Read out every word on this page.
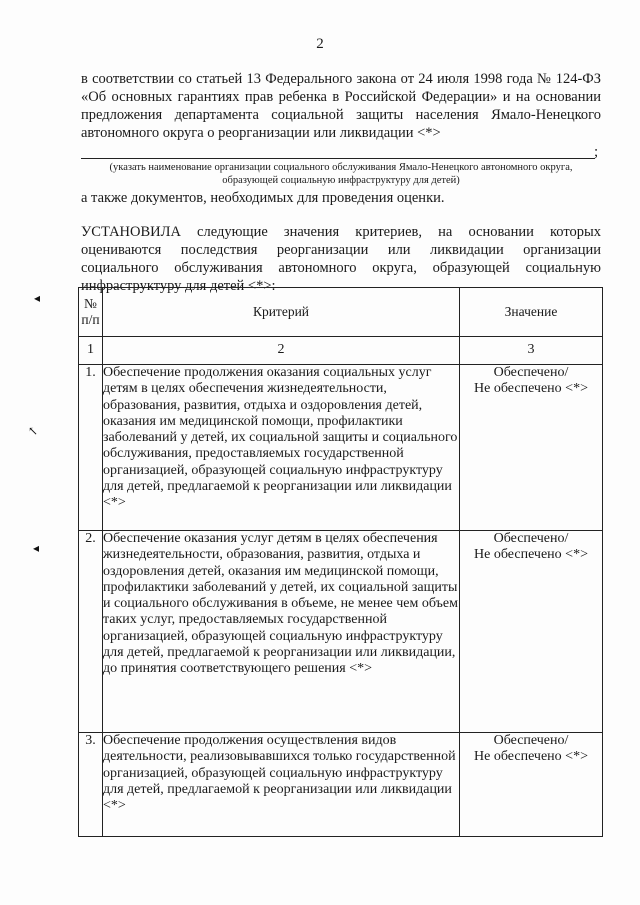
2

в соответствии со статьей 13 Федерального закона от 24 июля 1998 года № 124-ФЗ «Об основных гарантиях прав ребенка в Российской Федерации» и на основании предложения департамента социальной защиты населения Ямало-Ненецкого автономного округа о реорганизации или ликвидации <*>

;
(указать наименование организации социального обслуживания Ямало-Ненецкого автономного округа, образующей социальную инфраструктуру для детей)
а также документов, необходимых для проведения оценки.

УСТАНОВИЛА следующие значения критериев, на основании которых оцениваются последствия реорганизации или ликвидации организации социального обслуживания автономного округа, образующей социальную инфраструктуру для детей <*>:

◂
↖
◂
№ п/п	Критерий	Значение
1	2	3
1.	Обеспечение продолжения оказания социальных услуг детям в целях обеспечения жизнедеятельности, образования, развития, отдыха и оздоровления детей, оказания им медицинской помощи, профилактики заболеваний у детей, их социальной защиты и социального обслуживания, предоставляемых государственной организацией, образующей социальную инфраструктуру для детей, предлагаемой к реорганизации или ликвидации <*>	Обеспечено/
Не обеспечено <*>

2.	Обеспечение оказания услуг детям в целях обеспечения жизнедеятельности, образования, развития, отдыха и оздоровления детей, оказания им медицинской помощи, профилактики заболеваний у детей, их социальной защиты и социального обслуживания в объеме, не менее чем объем таких услуг, предоставляемых государственной организацией, образующей социальную инфраструктуру для детей, предлагаемой к реорганизации или ликвидации, до принятия соответствующего решения <*>	Обеспечено/
Не обеспечено <*>

3.	Обеспечение продолжения осуществления видов деятельности, реализовывавшихся только государственной организацией, образующей социальную инфраструктуру для детей, предлагаемой к реорганизации или ликвидации <*>	Обеспечено/
Не обеспечено <*>
